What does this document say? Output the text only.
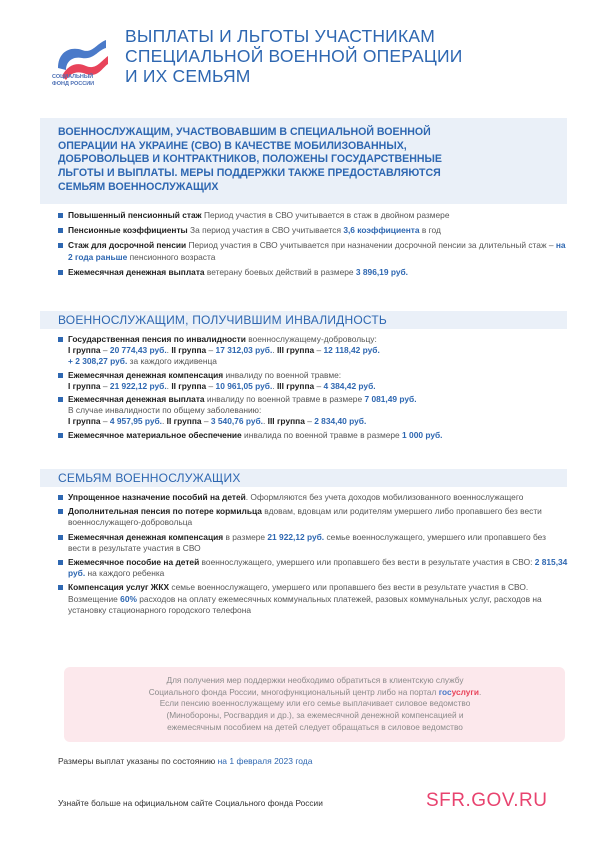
СОЦИАЛЬНЫЙ
ФОНД РОССИИ
ВЫПЛАТЫ И ЛЬГОТЫ УЧАСТНИКАМ
СПЕЦИАЛЬНОЙ ВОЕННОЙ ОПЕРАЦИИ
И ИХ СЕМЬЯМ
ВОЕННОСЛУЖАЩИМ, УЧАСТВОВАВШИМ В СПЕЦИАЛЬНОЙ ВОЕННОЙ
ОПЕРАЦИИ НА УКРАИНЕ (СВО) В КАЧЕСТВЕ МОБИЛИЗОВАННЫХ,
ДОБРОВОЛЬЦЕВ И КОНТРАКТНИКОВ, ПОЛОЖЕНЫ ГОСУДАРСТВЕННЫЕ
ЛЬГОТЫ И ВЫПЛАТЫ. МЕРЫ ПОДДЕРЖКИ ТАКЖЕ ПРЕДОСТАВЛЯЮТСЯ
СЕМЬЯМ ВОЕННОСЛУЖАЩИХ
Повышенный пенсионный стаж Период участия в СВО учитывается в стаж в двойном размере
Пенсионные коэффициенты За период участия в СВО учитывается 3,6 коэффициента в год
Стаж для досрочной пенсии Период участия в СВО учитывается при назначении досрочной пенсии за длительный стаж – на 2 года раньше пенсионного возраста
Ежемесячная денежная выплата ветерану боевых действий в размере 3 896,19 руб.
ВОЕННОСЛУЖАЩИМ, ПОЛУЧИВШИМ ИНВАЛИДНОСТЬ
Государственная пенсия по инвалидности военнослужащему-добровольцу:
I группа – 20 774,43 руб.. II группа – 17 312,03 руб.. III группа – 12 118,42 руб.
+ 2 308,27 руб. за каждого иждивенца
Ежемесячная денежная компенсация инвалиду по военной травме:
I группа – 21 922,12 руб.. II группа – 10 961,05 руб.. III группа – 4 384,42 руб.
Ежемесячная денежная выплата инвалиду по военной травме в размере 7 081,49 руб.
В случае инвалидности по общему заболеванию:
I группа – 4 957,95 руб.. II группа – 3 540,76 руб.. III группа – 2 834,40 руб.
Ежемесячное материальное обеспечение инвалида по военной травме в размере 1 000 руб.
СЕМЬЯМ ВОЕННОСЛУЖАЩИХ
Упрощенное назначение пособий на детей. Оформляются без учета доходов мобилизованного военнослужащего
Дополнительная пенсия по потере кормильца вдовам, вдовцам или родителям умершего либо пропавшего без вести военнослужащего-добровольца
Ежемесячная денежная компенсация в размере 21 922,12 руб. семье военнослужащего, умершего или пропавшего без вести в результате участия в СВО
Ежемесячное пособие на детей военнослужащего, умершего или пропавшего без вести в результате участия в СВО: 2 815,34 руб. на каждого ребенка
Компенсация услуг ЖКХ семье военнослужащего, умершего или пропавшего без вести в результате участия в СВО. Возмещение 60% расходов на оплату ежемесячных коммунальных платежей, разовых коммунальных услуг, расходов на установку стационарного городского телефона
Для получения мер поддержки необходимо обратиться в клиентскую службу
Социального фонда России, многофункциональный центр либо на портал госуслуги.
Если пенсию военнослужащему или его семье выплачивает силовое ведомство
(Минобороны, Росгвардия и др.), за ежемесячной денежной компенсацией и
ежемесячным пособием на детей следует обращаться в силовое ведомство
Размеры выплат указаны по состоянию на 1 февраля 2023 года
Узнайте больше на официальном сайте Социального фонда России	SFR.GOV.RU
